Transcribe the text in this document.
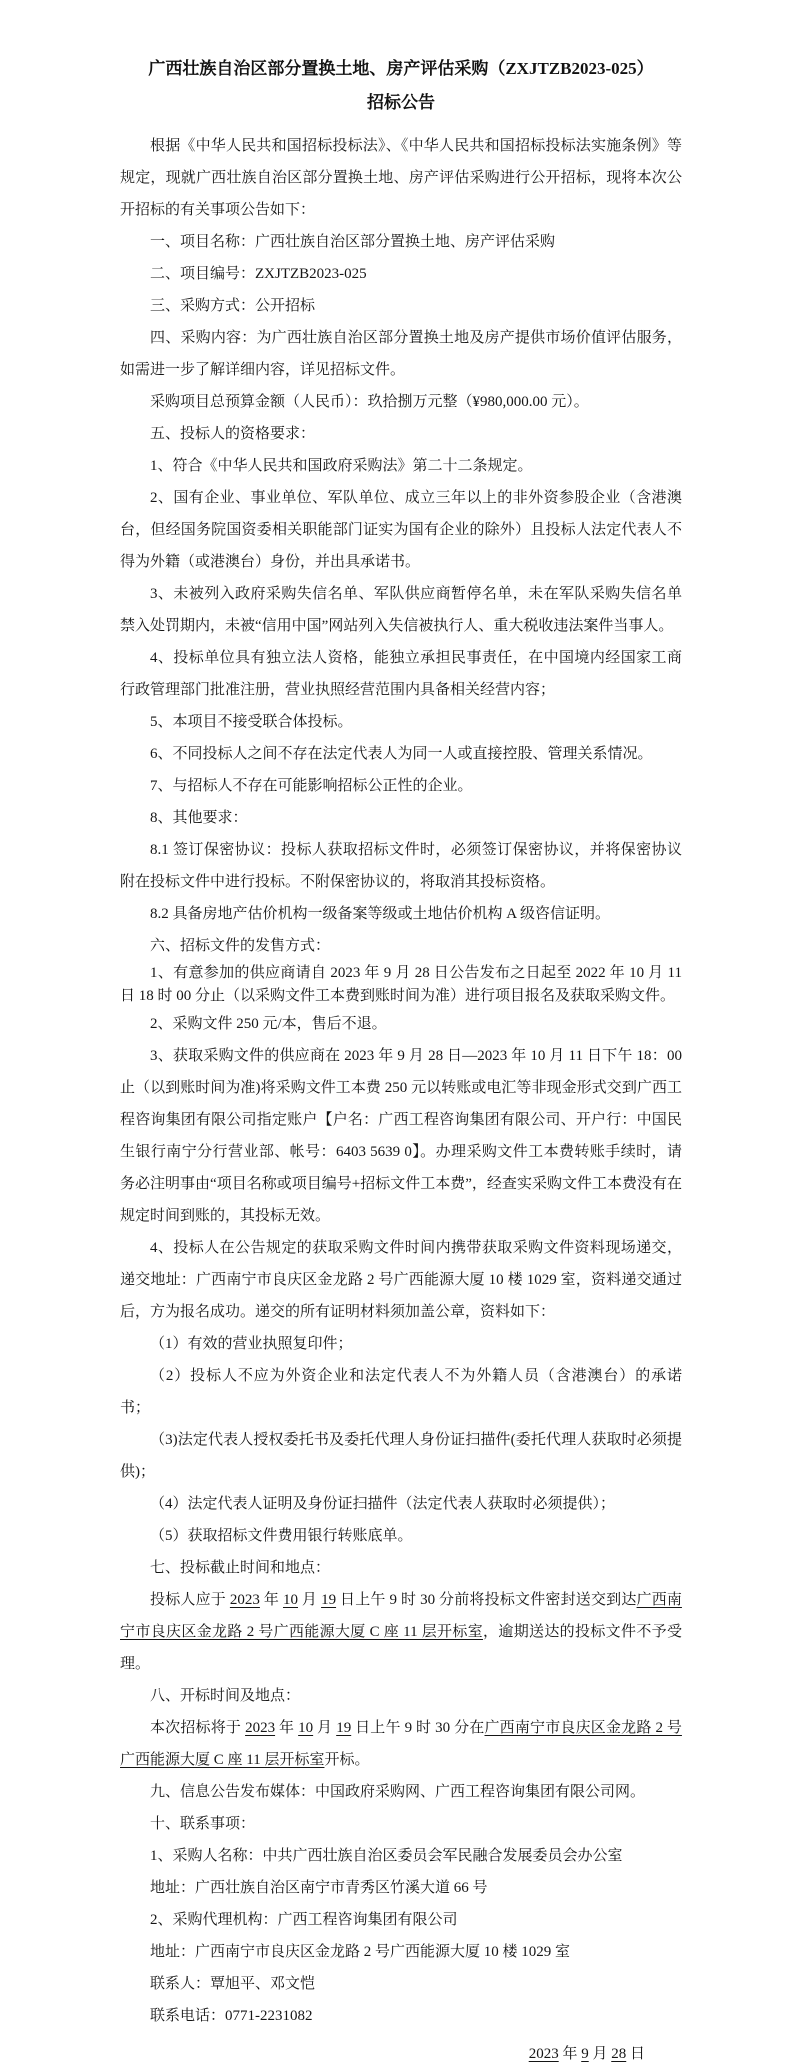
广西壮族自治区部分置换土地、房产评估采购（ZXJTZB2023-025）
招标公告

根据《中华人民共和国招标投标法》、《中华人民共和国招标投标法实施条例》等规定，现就广西壮族自治区部分置换土地、房产评估采购进行公开招标，现将本次公开招标的有关事项公告如下：

一、项目名称：广西壮族自治区部分置换土地、房产评估采购

二、项目编号：ZXJTZB2023-025

三、采购方式：公开招标

四、采购内容：为广西壮族自治区部分置换土地及房产提供市场价值评估服务，如需进一步了解详细内容，详见招标文件。

采购项目总预算金额（人民币）：玖拾捌万元整（¥980,000.00 元）。

五、投标人的资格要求：

1、符合《中华人民共和国政府采购法》第二十二条规定。

2、国有企业、事业单位、军队单位、成立三年以上的非外资参股企业（含港澳台，但经国务院国资委相关职能部门证实为国有企业的除外）且投标人法定代表人不得为外籍（或港澳台）身份，并出具承诺书。

3、未被列入政府采购失信名单、军队供应商暂停名单，未在军队采购失信名单禁入处罚期内，未被“信用中国”网站列入失信被执行人、重大税收违法案件当事人。

4、投标单位具有独立法人资格，能独立承担民事责任，在中国境内经国家工商行政管理部门批准注册，营业执照经营范围内具备相关经营内容；

5、本项目不接受联合体投标。

6、不同投标人之间不存在法定代表人为同一人或直接控股、管理关系情况。

7、与招标人不存在可能影响招标公正性的企业。

8、其他要求：

8.1 签订保密协议：投标人获取招标文件时，必须签订保密协议，并将保密协议附在投标文件中进行投标。不附保密协议的，将取消其投标资格。

8.2 具备房地产估价机构一级备案等级或土地估价机构 A 级咨信证明。

六、招标文件的发售方式：

1、有意参加的供应商请自 2023 年 9 月 28 日公告发布之日起至 2022 年 10 月 11 日 18 时 00 分止（以采购文件工本费到账时间为准）进行项目报名及获取采购文件。

2、采购文件 250 元/本，售后不退。

3、获取采购文件的供应商在 2023 年 9 月 28 日—2023 年 10 月 11 日下午 18：00 止（以到账时间为准)将采购文件工本费 250 元以转账或电汇等非现金形式交到广西工程咨询集团有限公司指定账户【户名：广西工程咨询集团有限公司、开户行：中国民生银行南宁分行营业部、帐号：6403 5639 0】。办理采购文件工本费转账手续时，请务必注明事由“项目名称或项目编号+招标文件工本费”，经查实采购文件工本费没有在规定时间到账的，其投标无效。

4、投标人在公告规定的获取采购文件时间内携带获取采购文件资料现场递交，递交地址：广西南宁市良庆区金龙路 2 号广西能源大厦 10 楼 1029 室，资料递交通过后，方为报名成功。递交的所有证明材料须加盖公章，资料如下：

（1）有效的营业执照复印件；

（2）投标人不应为外资企业和法定代表人不为外籍人员（含港澳台）的承诺书；

（3)法定代表人授权委托书及委托代理人身份证扫描件(委托代理人获取时必须提供)；

（4）法定代表人证明及身份证扫描件（法定代表人获取时必须提供）；

（5）获取招标文件费用银行转账底单。

七、投标截止时间和地点：

投标人应于 2023 年 10 月 19 日上午 9 时 30 分前将投标文件密封送交到达广西南宁市良庆区金龙路 2 号广西能源大厦 C 座 11 层开标室，逾期送达的投标文件不予受理。

八、开标时间及地点：

本次招标将于 2023 年 10 月 19 日上午 9 时 30 分在广西南宁市良庆区金龙路 2 号广西能源大厦 C 座 11 层开标室开标。

九、信息公告发布媒体：中国政府采购网、广西工程咨询集团有限公司网。

十、联系事项：

1、采购人名称：中共广西壮族自治区委员会军民融合发展委员会办公室

地址：广西壮族自治区南宁市青秀区竹溪大道 66 号

2、采购代理机构：广西工程咨询集团有限公司

地址：广西南宁市良庆区金龙路 2 号广西能源大厦 10 楼 1029 室

联系人：覃旭平、邓文恺

联系电话：0771-2231082

2023 年 9 月 28 日
